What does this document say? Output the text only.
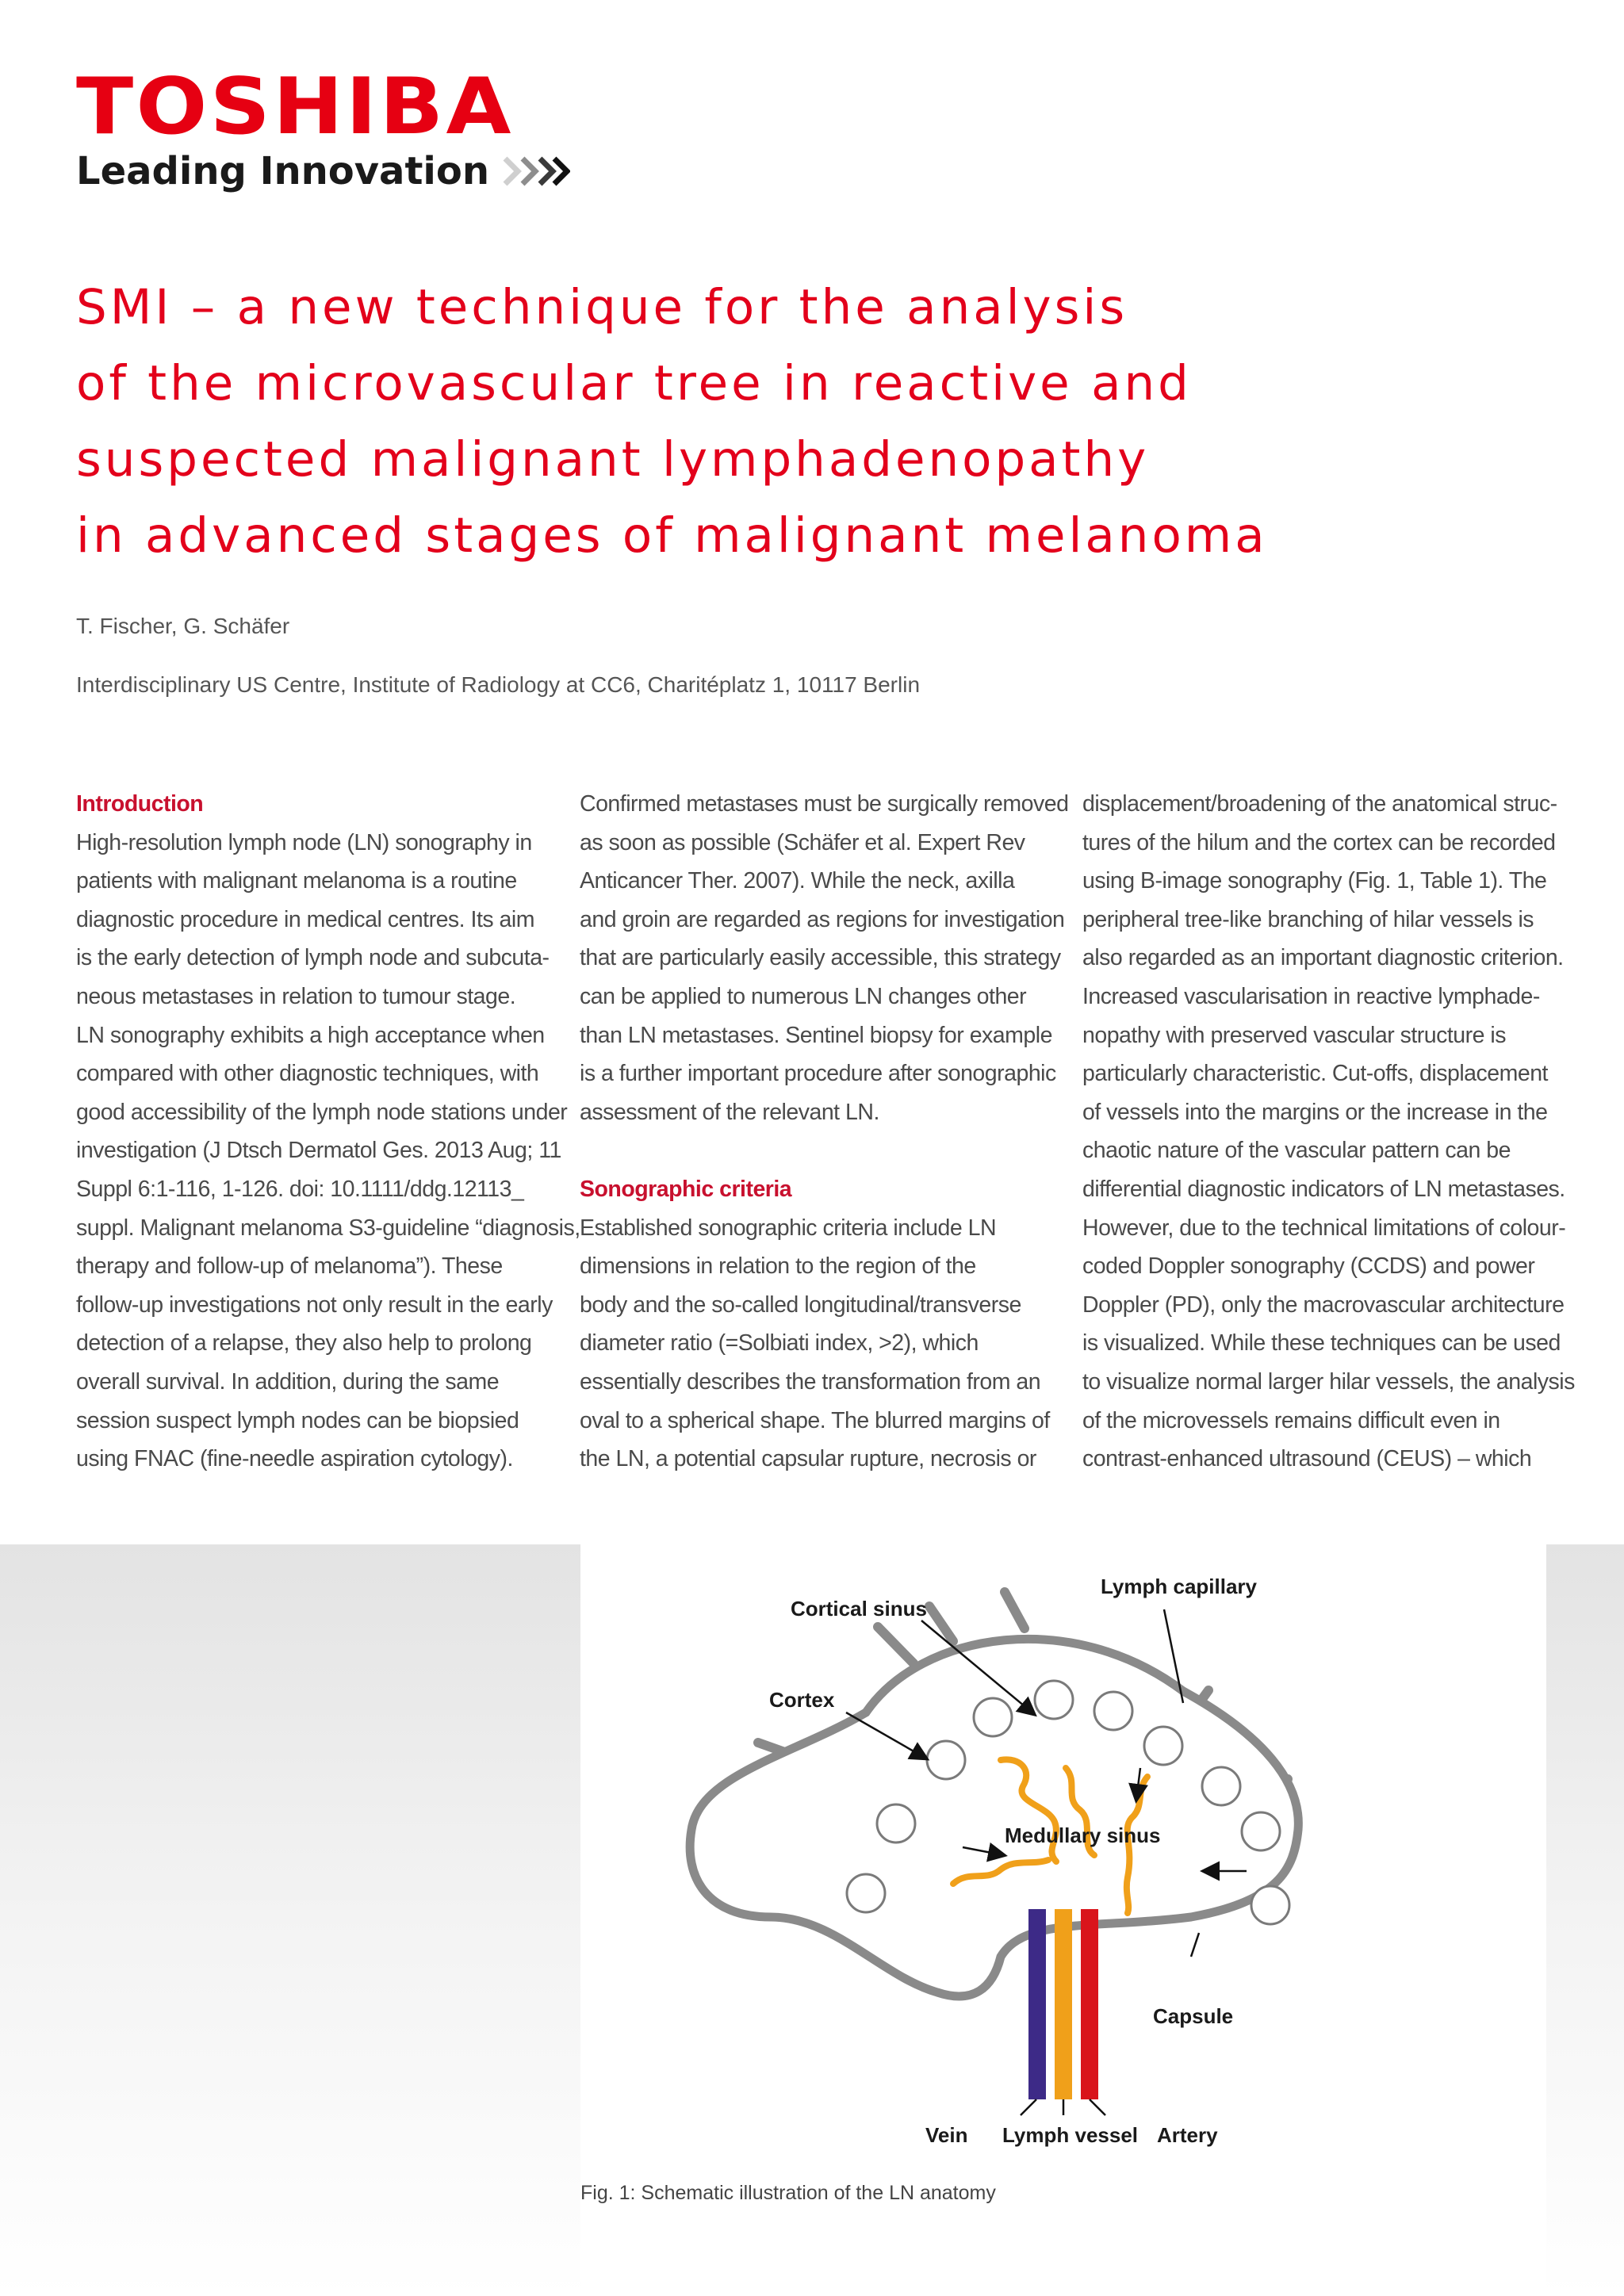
TOSHIBA
Leading Innovation
SMI – a new technique for the analysis
of the microvascular tree in reactive and
suspected malignant lymphadenopathy
in advanced stages of malignant melanoma
T. Fischer, G. Schäfer
Interdisciplinary US Centre, Institute of Radiology at CC6, Charitéplatz 1, 10117 Berlin
Introduction

High-resolution lymph node (LN) sonography in
patients with malignant melanoma is a routine
diagnostic procedure in medical centres. Its aim
is the early detection of lymph node and subcuta-
neous metastases in relation to tumour stage.
LN sonography exhibits a high acceptance when
compared with other diagnostic techniques, with
good accessibility of the lymph node stations under
investigation (J Dtsch Dermatol Ges. 2013 Aug; 11
Suppl 6:1-116, 1-126. doi: 10.1111/ddg.12113_
suppl. Malignant melanoma S3-guideline “diagnosis,
therapy and follow-up of melanoma”). These
follow-up investigations not only result in the early
detection of a relapse, they also help to prolong
overall survival. In addition, during the same
session suspect lymph nodes can be biopsied
using FNAC (fine-needle aspiration cytology).

Confirmed metastases must be surgically removed
as soon as possible (Schäfer et al. Expert Rev
Anticancer Ther. 2007). While the neck, axilla
and groin are regarded as regions for investigation
that are particularly easily accessible, this strategy
can be applied to numerous LN changes other
than LN metastases. Sentinel biopsy for example
is a further important procedure after sonographic
assessment of the relevant LN.

Sonographic criteria

Established sonographic criteria include LN
dimensions in relation to the region of the
body and the so-called longitudinal/transverse
diameter ratio (=Solbiati index, >2), which
essentially describes the transformation from an
oval to a spherical shape. The blurred margins of
the LN, a potential capsular rupture, necrosis or

displacement/broadening of the anatomical struc-
tures of the hilum and the cortex can be recorded
using B-image sonography (Fig. 1, Table 1). The
peripheral tree-like branching of hilar vessels is
also regarded as an important diagnostic criterion.
Increased vascularisation in reactive lymphade-
nopathy with preserved vascular structure is
particularly characteristic. Cut-offs, displacement
of vessels into the margins or the increase in the
chaotic nature of the vascular pattern can be
differential diagnostic indicators of LN metastases.
However, due to the technical limitations of colour-
coded Doppler sonography (CCDS) and power
Doppler (PD), only the macrovascular architecture
is visualized. While these techniques can be used
to visualize normal larger hilar vessels, the analysis
of the microvessels remains difficult even in
contrast-enhanced ultrasound (CEUS) – which

Cortical sinus
Lymph capillary
Cortex
Medullary sinus
Capsule
Vein Lymph vessel Artery
Fig. 1: Schematic illustration of the LN anatomy
